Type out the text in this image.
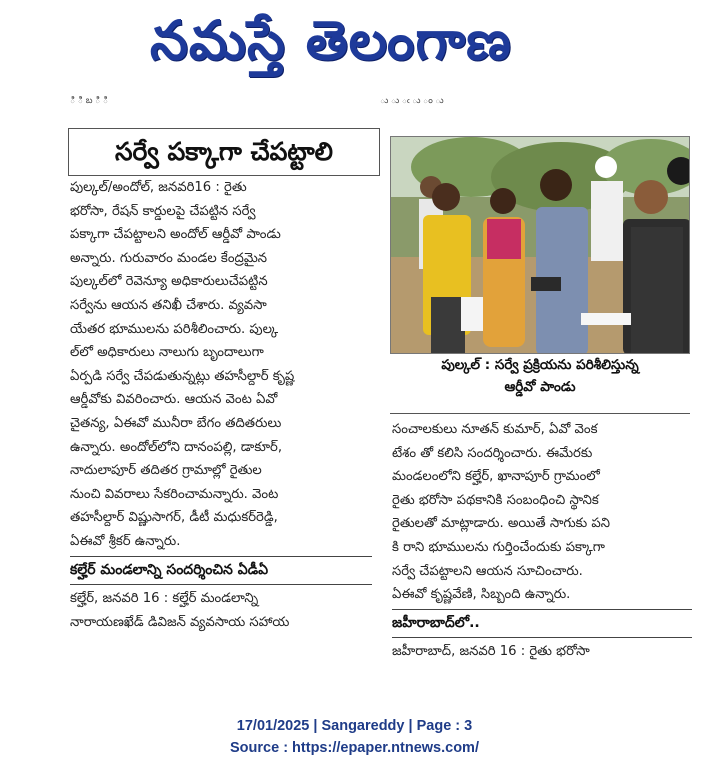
నమస్తే తెలంగాణ
ి ీ బ ి ి	ు ు ఁ ు ం ు
సర్వే పక్కాగా చేపట్టాలి
పుల్కల్/అందోల్, జనవరి16 : రైతు
భరోసా, రేషన్ కార్డులపై చేపట్టిన సర్వే
పక్కాగా చేపట్టాలని అందోల్ ఆర్డీవో పాండు
అన్నారు. గురువారం మండల కేంద్రమైన
పుల్కల్‌లో రెవెన్యూ అధికారులుచేపట్టిన
సర్వేను ఆయన తనిఖీ చేశారు. వ్యవసా
యేతర భూములను పరిశీలించారు. పుల్క
ల్‌లో అధికారులు నాలుగు బృందాలుగా
ఏర్పడి సర్వే చేపడుతున్నట్లు తహసీల్దార్ కృష్ణ
ఆర్డీవోకు వివరించారు. ఆయన వెంట ఏవో
చైతన్య, ఏఈవో మునీరా బేగం తదితరులు
ఉన్నారు. అందోల్‌లోని దానంపల్లి, డాకూర్,
నాదులాపూర్ తదితర గ్రామాల్లో రైతుల
నుంచి వివరాలు సేకరించామన్నారు. వెంట
తహసీల్దార్ విష్ణుసాగర్, డీటీ మధుకర్‌రెడ్డి,
ఏఈవో శ్రీకర్ ఉన్నారు.
కల్హేర్ మండలాన్ని సందర్శించిన ఏడీఏ
కల్హేర్, జనవరి 16 : కల్హేర్ మండలాన్ని
నారాయణఖేడ్ డివిజన్ వ్యవసాయ సహాయ
పుల్కల్ : సర్వే ప్రక్రియను పరిశీలిస్తున్న
ఆర్డీవో పాండు
సంచాలకులు నూతన్ కుమార్, ఏవో వెంక
టేశం తో కలిసి సందర్శించారు. ఈమేరకు
మండలంలోని కల్హేర్, ఖానాపూర్ గ్రామంలో
రైతు భరోసా పథకానికి సంబంధించి స్థానిక
రైతులతో మాట్లాడారు. అయితే సాగుకు పని
కి రాని భూములను గుర్తించేందుకు పక్కాగా
సర్వే చేపట్టాలని ఆయన సూచించారు.
ఏఈవో కృష్ణవేణి, సిబ్బంది ఉన్నారు.
జహీరాబాద్‌లో..
జహీరాబాద్, జనవరి 16 : రైతు భరోసా
17/01/2025 | Sangareddy | Page : 3
Source : https://epaper.ntnews.com/
